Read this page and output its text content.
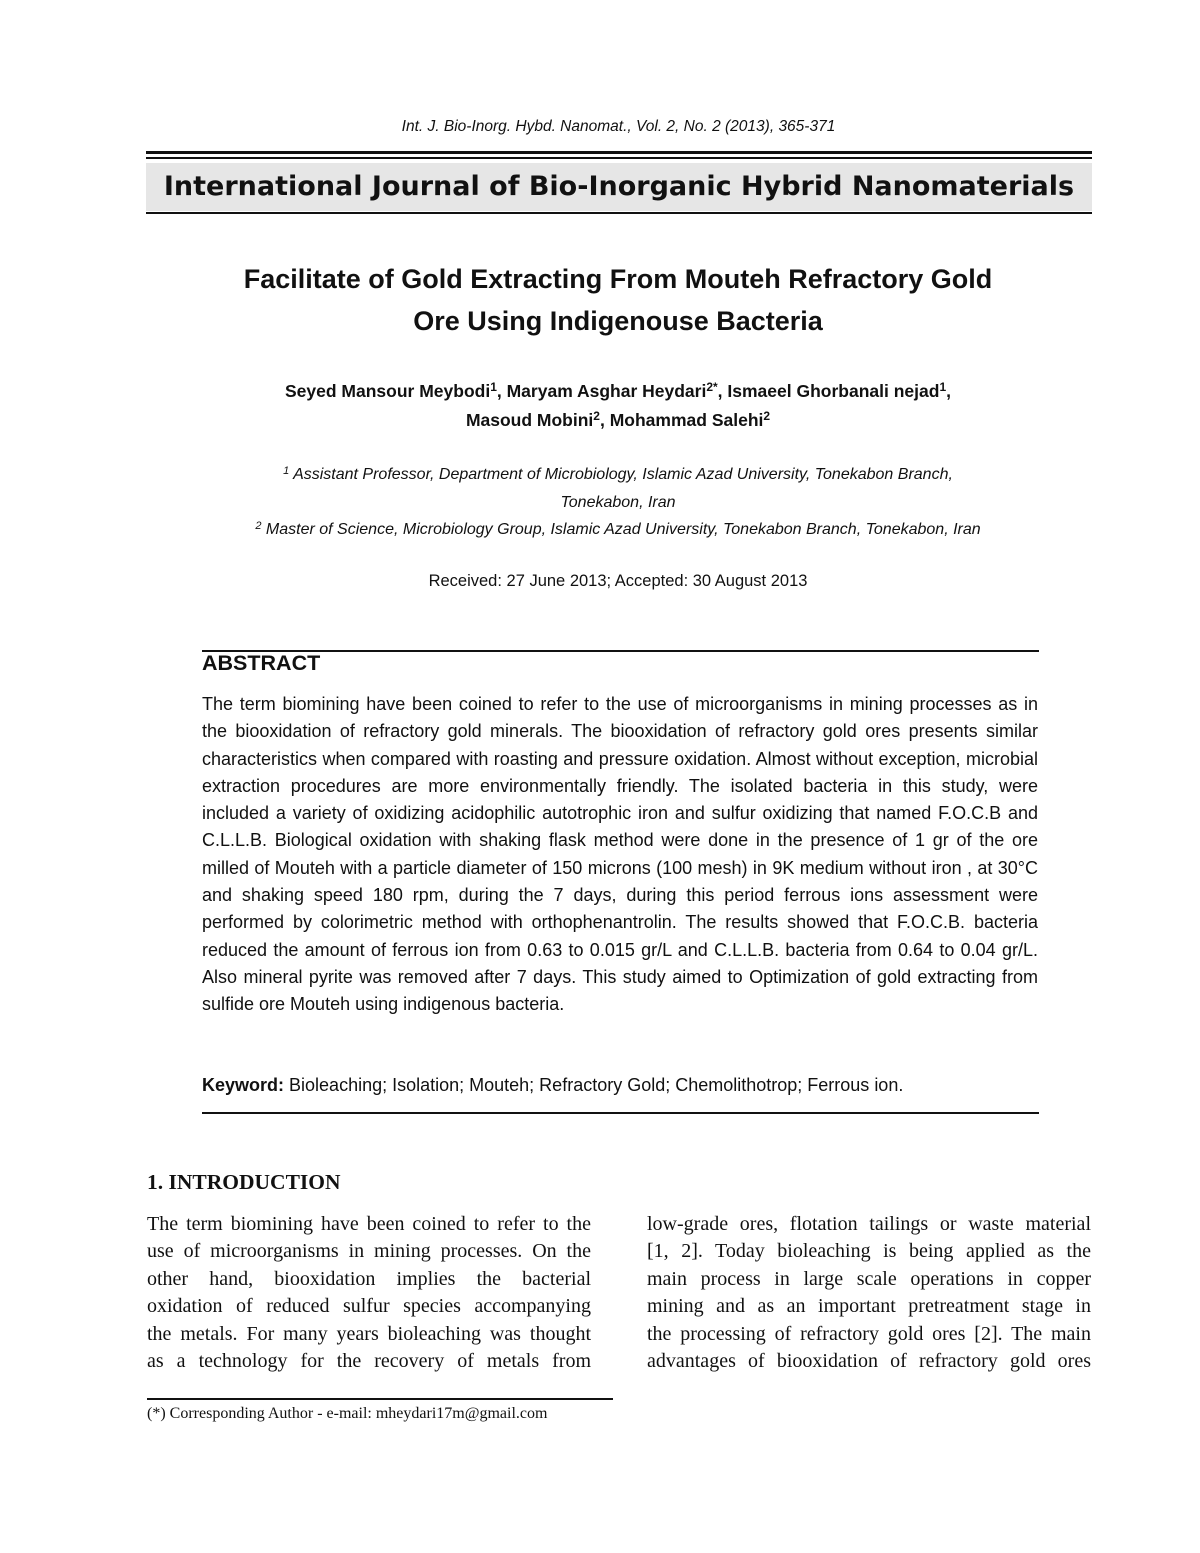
Int. J. Bio-Inorg. Hybd. Nanomat., Vol. 2, No. 2 (2013), 365-371
International Journal of Bio-Inorganic Hybrid Nanomaterials
Facilitate of Gold Extracting From Mouteh Refractory Gold
Ore Using Indigenouse Bacteria
Seyed Mansour Meybodi$^1$, Maryam Asghar Heydari$^{2*}$, Ismaeel Ghorbanali nejad$^1$,
Masoud Mobini$^2$, Mohammad Salehi$^2$
$^1$ Assistant Professor, Department of Microbiology, Islamic Azad University, Tonekabon Branch,
Tonekabon, Iran
$^2$ Master of Science, Microbiology Group, Islamic Azad University, Tonekabon Branch, Tonekabon, Iran
Received: 27 June 2013; Accepted: 30 August 2013
ABSTRACT
The term biomining have been coined to refer to the use of microorganisms in mining processes as in the biooxidation of refractory gold minerals. The biooxidation of refractory gold ores presents similar characteristics when compared with roasting and pressure oxidation. Almost without exception, microbial extraction procedures are more environmentally friendly. The isolated bacteria in this study, were included a variety of oxidizing acidophilic autotrophic iron and sulfur oxidizing that named F.O.C.B and C.L.L.B. Biological oxidation with shaking flask method were done in the presence of 1 gr of the ore milled of Mouteh with a particle diameter of 150 microns (100 mesh) in 9K medium without iron , at 30°C and shaking speed 180 rpm, during the 7 days, during this period ferrous ions assessment were performed by colorimetric method with orthophenantrolin. The results showed that F.O.C.B. bacteria reduced the amount of ferrous ion from 0.63 to 0.015 gr/L and C.L.L.B. bacteria from 0.64 to 0.04 gr/L. Also mineral pyrite was removed after 7 days. This study aimed to Optimization of gold extracting from sulfide ore Mouteh using indigenous bacteria.
Keyword: Bioleaching; Isolation; Mouteh; Refractory Gold; Chemolithotrop; Ferrous ion.
1. INTRODUCTION
The term biomining have been coined to refer to the
use of microorganisms in mining processes. On the
other hand, biooxidation implies the bacterial
oxidation of reduced sulfur species accompanying
the metals. For many years bioleaching was thought
as a technology for the recovery of metals from
low-grade ores, flotation tailings or waste material
[1, 2]. Today bioleaching is being applied as the
main process in large scale operations in copper
mining and as an important pretreatment stage in
the processing of refractory gold ores [2]. The main
advantages of biooxidation of refractory gold ores
(*) Corresponding Author - e-mail: mheydari17m@gmail.com
